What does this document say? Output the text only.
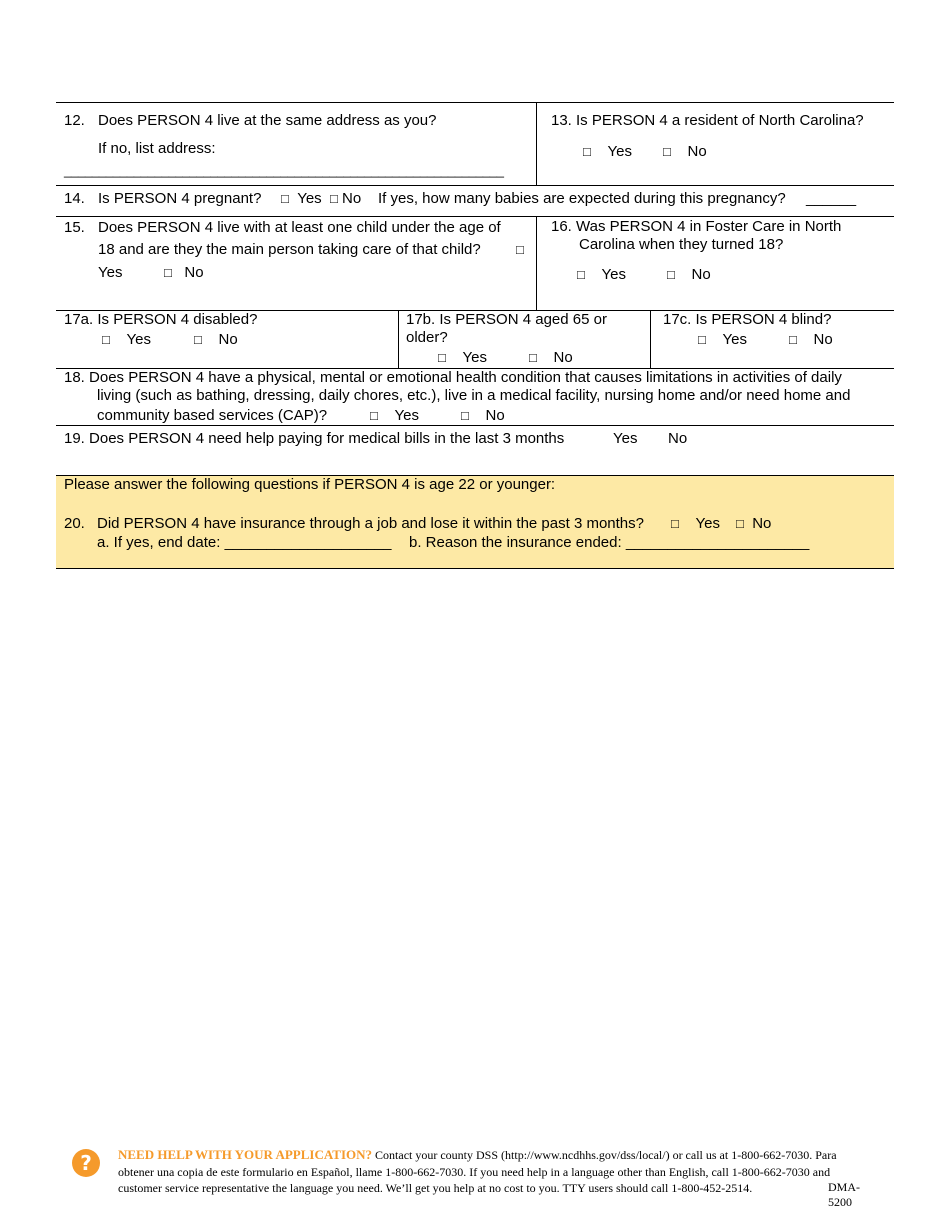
12. Does PERSON 4 live at the same address as you?
If no, list address:
_______________________________________________________________
13. Is PERSON 4 a resident of North Carolina?
□ Yes □ No
14. Is PERSON 4 pregnant? □ Yes □ No If yes, how many babies are expected during this pregnancy? ______
15. Does PERSON 4 live with at least one child under the age of
18 and are they the main person taking care of that child?	□
Yes	□ No
16. Was PERSON 4 in Foster Care in North
Carolina when they turned 18?
□ Yes	□ No
17a. Is PERSON 4 disabled?
□ Yes	□ No
17b. Is PERSON 4 aged 65 or
older?
□ Yes	□ No
17c. Is PERSON 4 blind?
□ Yes	□ No
18. Does PERSON 4 have a physical, mental or emotional health condition that causes limitations in activities of daily
living (such as bathing, dressing, daily chores, etc.), live in a medical facility, nursing home and/or need home and
community based services (CAP)?	□ Yes	□ No
19. Does PERSON 4 need help paying for medical bills in the last 3 months	Yes No
Please answer the following questions if PERSON 4 is age 22 or younger:
20. Did PERSON 4 have insurance through a job and lose it within the past 3 months? □ Yes □ No
a. If yes, end date: ____________________ b. Reason the insurance ended: ______________________
?	NEED HELP WITH YOUR APPLICATION? Contact your county DSS (http://www.ncdhhs.gov/dss/local/) or call us at 1-800-662-7030. Para
obtener una copia de este formulario en Español, llame 1-800-662-7030. If you need help in a language other than English, call 1-800-662-7030 and
customer service representative the language you need. We’ll get you help at no cost to you. TTY users should call 1-800-452-2514.	DMA-
5200
